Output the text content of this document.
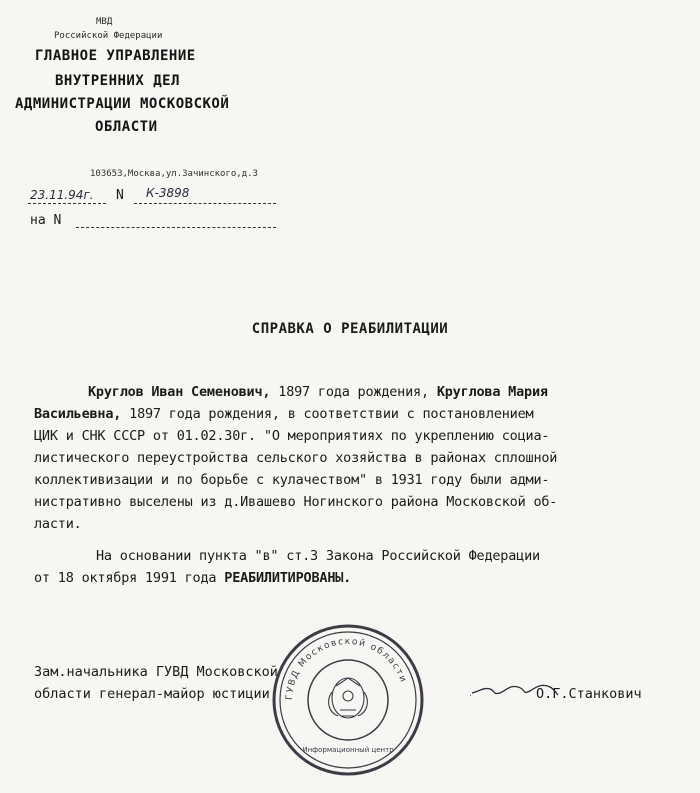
МВД
Российской Федерации
ГЛАВНОЕ УПРАВЛЕНИЕ
ВНУТРЕННИХ ДЕЛ
АДМИНИСТРАЦИИ МОСКОВСКОЙ
ОБЛАСТИ
103653,Москва,ул.Зачинского,д.3
23.11.94г. N К-3898
на N
СПРАВКА О РЕАБИЛИТАЦИИ
Круглов Иван Семенович, 1897 года рождения, Круглова Мария
Васильевна, 1897 года рождения, в соответствии с постановлением
ЦИК и СНК СССР от 01.02.30г. "О мероприятиях по укреплению социа-
листического переустройства сельского хозяйства в районах сплошной
коллективизации и по борьбе с кулачеством" в 1931 году были адми-
нистративно выселены из д.Ивашево Ногинского района Московской об-
ласти.
На основании пункта "в" ст.3 Закона Российской Федерации
от 18 октября 1991 года РЕАБИЛИТИРОВАНЫ.
Зам.начальника ГУВД Московской
области генерал-майор юстиции	О.Г.Станкович
ГУВД Московской области
Информационный центр
